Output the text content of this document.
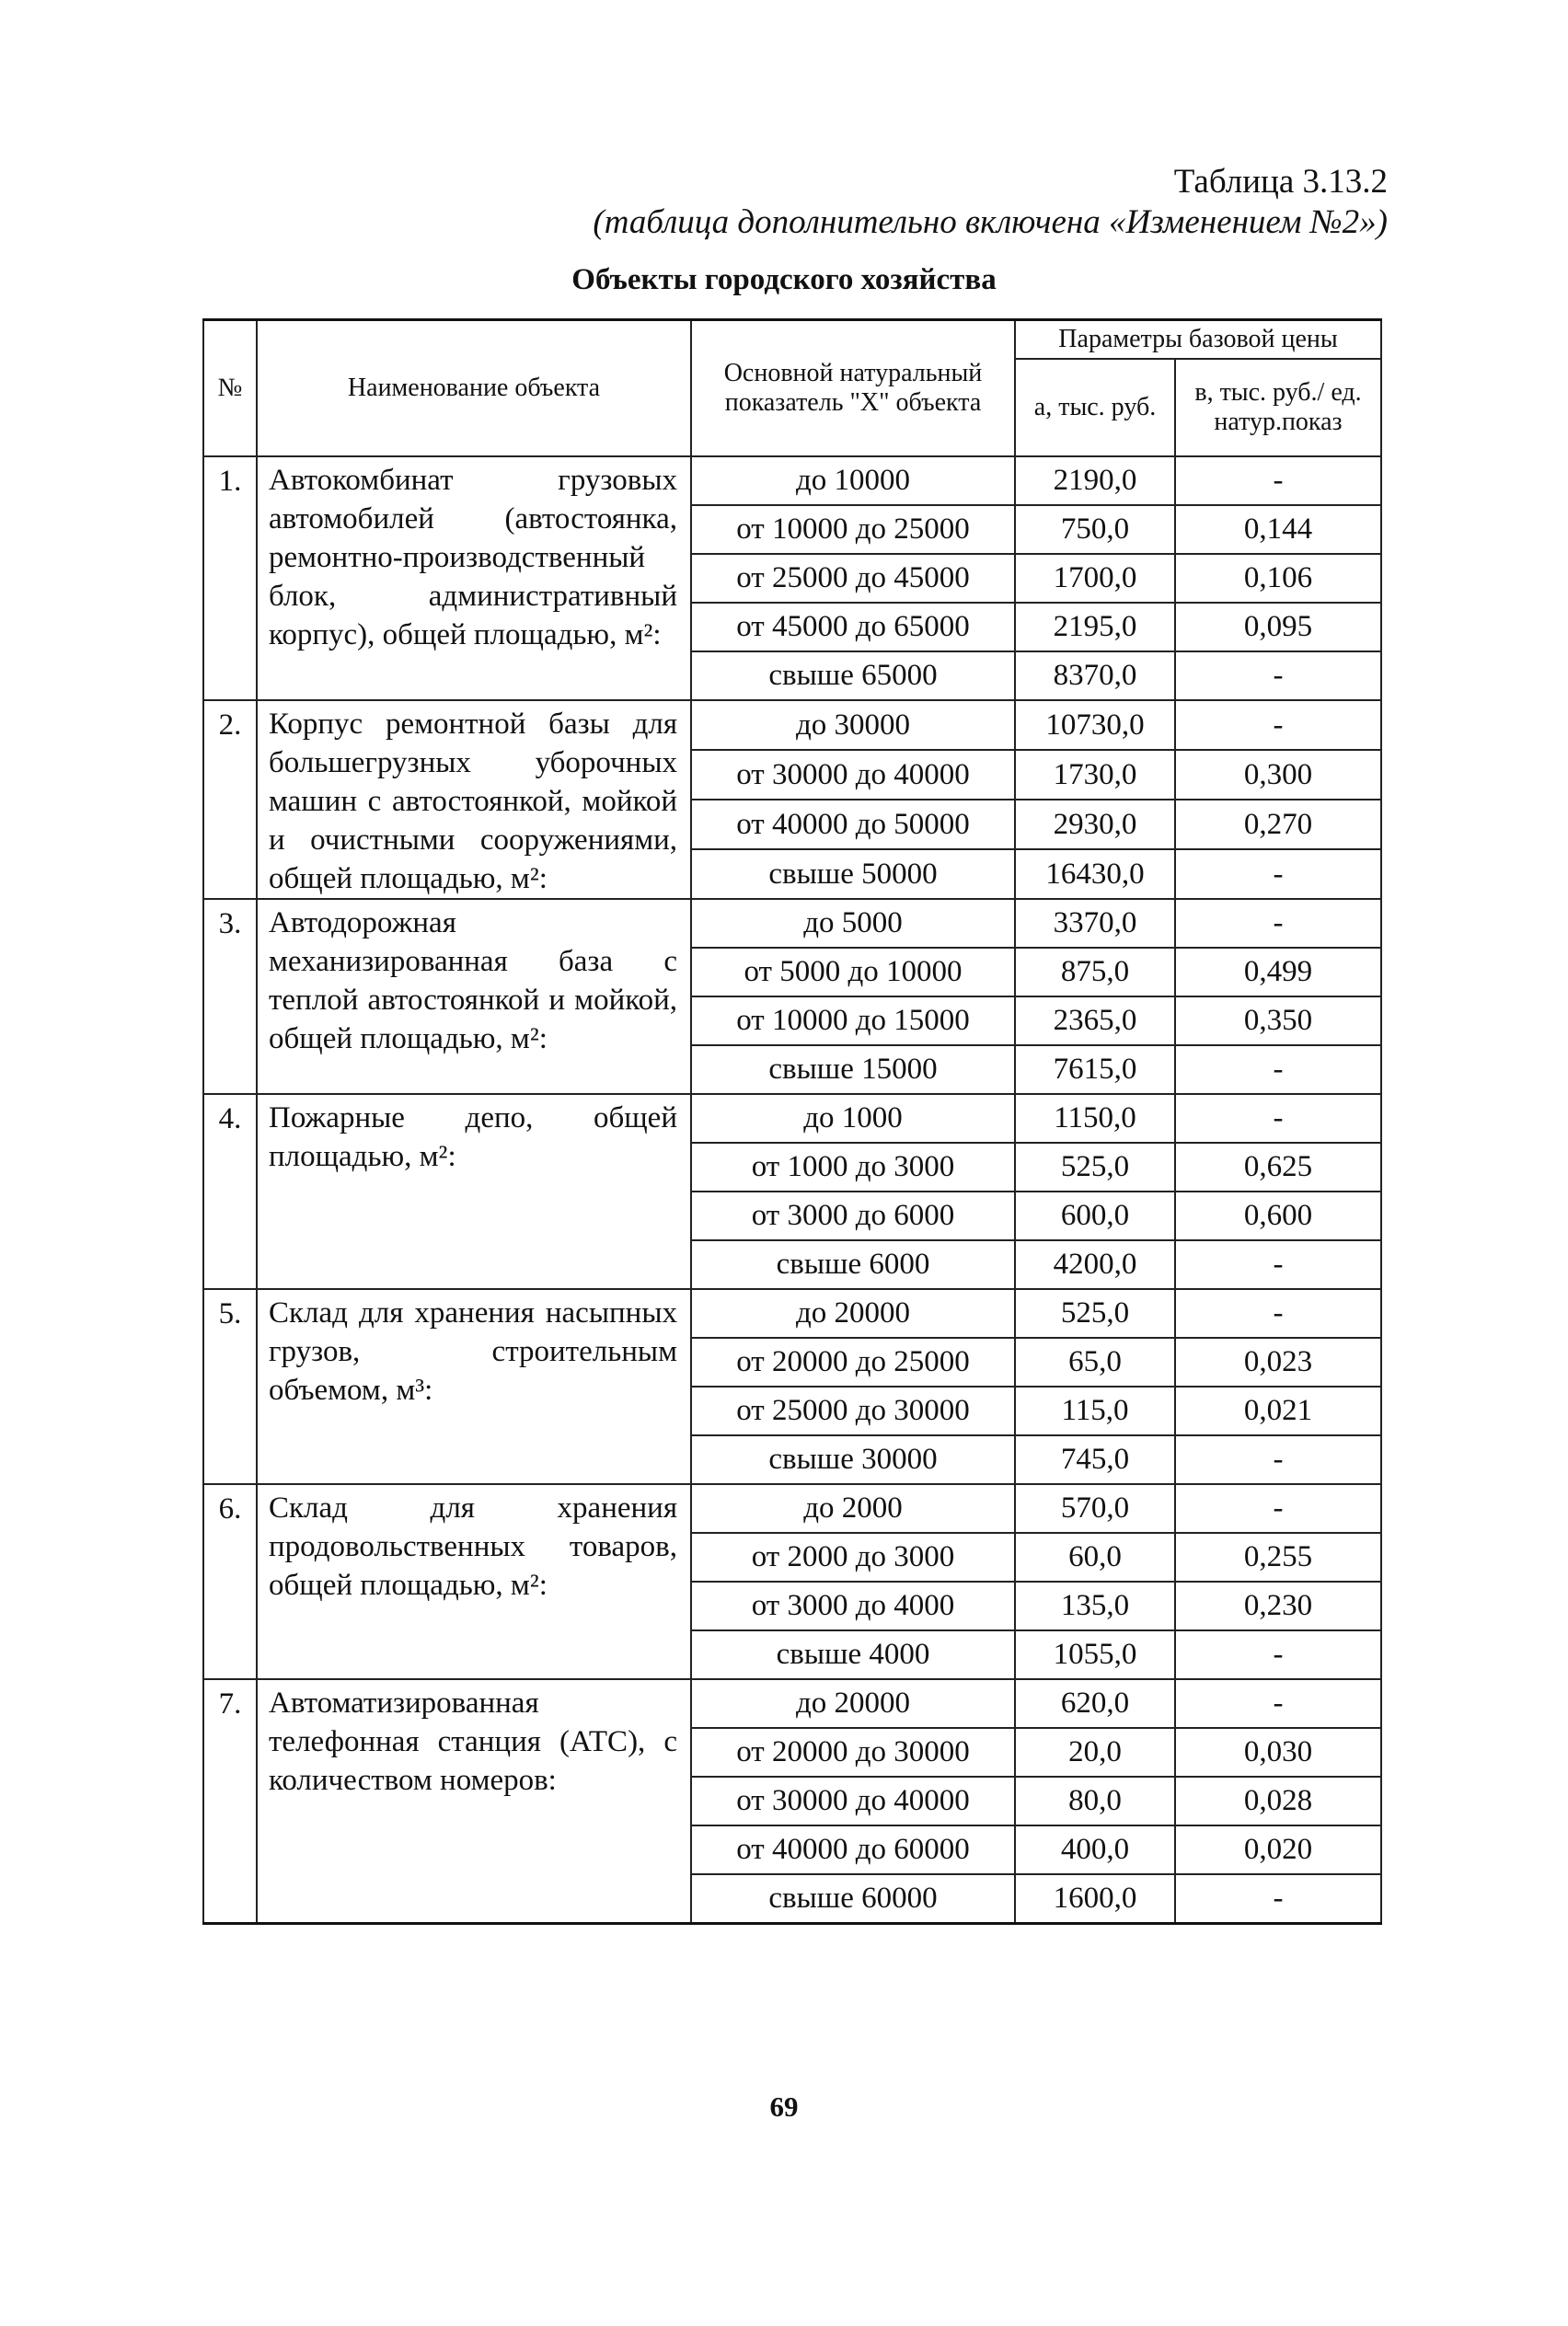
Таблица 3.13.2
(таблица дополнительно включена «Изменением №2»)
Объекты городского хозяйства
№	Наименование объекта	Основной натуральный показатель "Х" объекта	Параметры базовой цены	
			а, тыс. руб.	в, тыс. руб./ ед. натур.показ
1.	Автокомбинат грузовых автомобилей (автостоянка, ремонтно-производственный блок, административный корпус), общей площадью, м²:	до 10000	2190,0	-
		от 10000 до 25000	750,0	0,144
		от 25000 до 45000	1700,0	0,106
		от 45000 до 65000	2195,0	0,095
		свыше 65000	8370,0	-
2.	Корпус ремонтной базы для большегрузных уборочных машин с автостоянкой, мойкой и очистными сооружениями, общей площадью, м²:	до 30000	10730,0	-
		от 30000 до 40000	1730,0	0,300
		от 40000 до 50000	2930,0	0,270
		свыше 50000	16430,0	-
3.	Автодорожная механизированная база с теплой автостоянкой и мойкой, общей площадью, м²:	до 5000	3370,0	-
		от 5000 до 10000	875,0	0,499
		от 10000 до 15000	2365,0	0,350
		свыше 15000	7615,0	-
4.	Пожарные депо, общей площадью, м²:	до 1000	1150,0	-
		от 1000 до 3000	525,0	0,625
		от 3000 до 6000	600,0	0,600
		свыше 6000	4200,0	-
5.	Склад для хранения насыпных грузов, строительным объемом, м³:	до 20000	525,0	-
		от 20000 до 25000	65,0	0,023
		от 25000 до 30000	115,0	0,021
		свыше 30000	745,0	-
6.	Склад для хранения продовольственных товаров, общей площадью, м²:	до 2000	570,0	-
		от 2000 до 3000	60,0	0,255
		от 3000 до 4000	135,0	0,230
		свыше 4000	1055,0	-
7.	Автоматизированная телефонная станция (АТС), с количеством номеров:	до 20000	620,0	-
		от 20000 до 30000	20,0	0,030
		от 30000 до 40000	80,0	0,028
		от 40000 до 60000	400,0	0,020
		свыше 60000	1600,0	-
69
